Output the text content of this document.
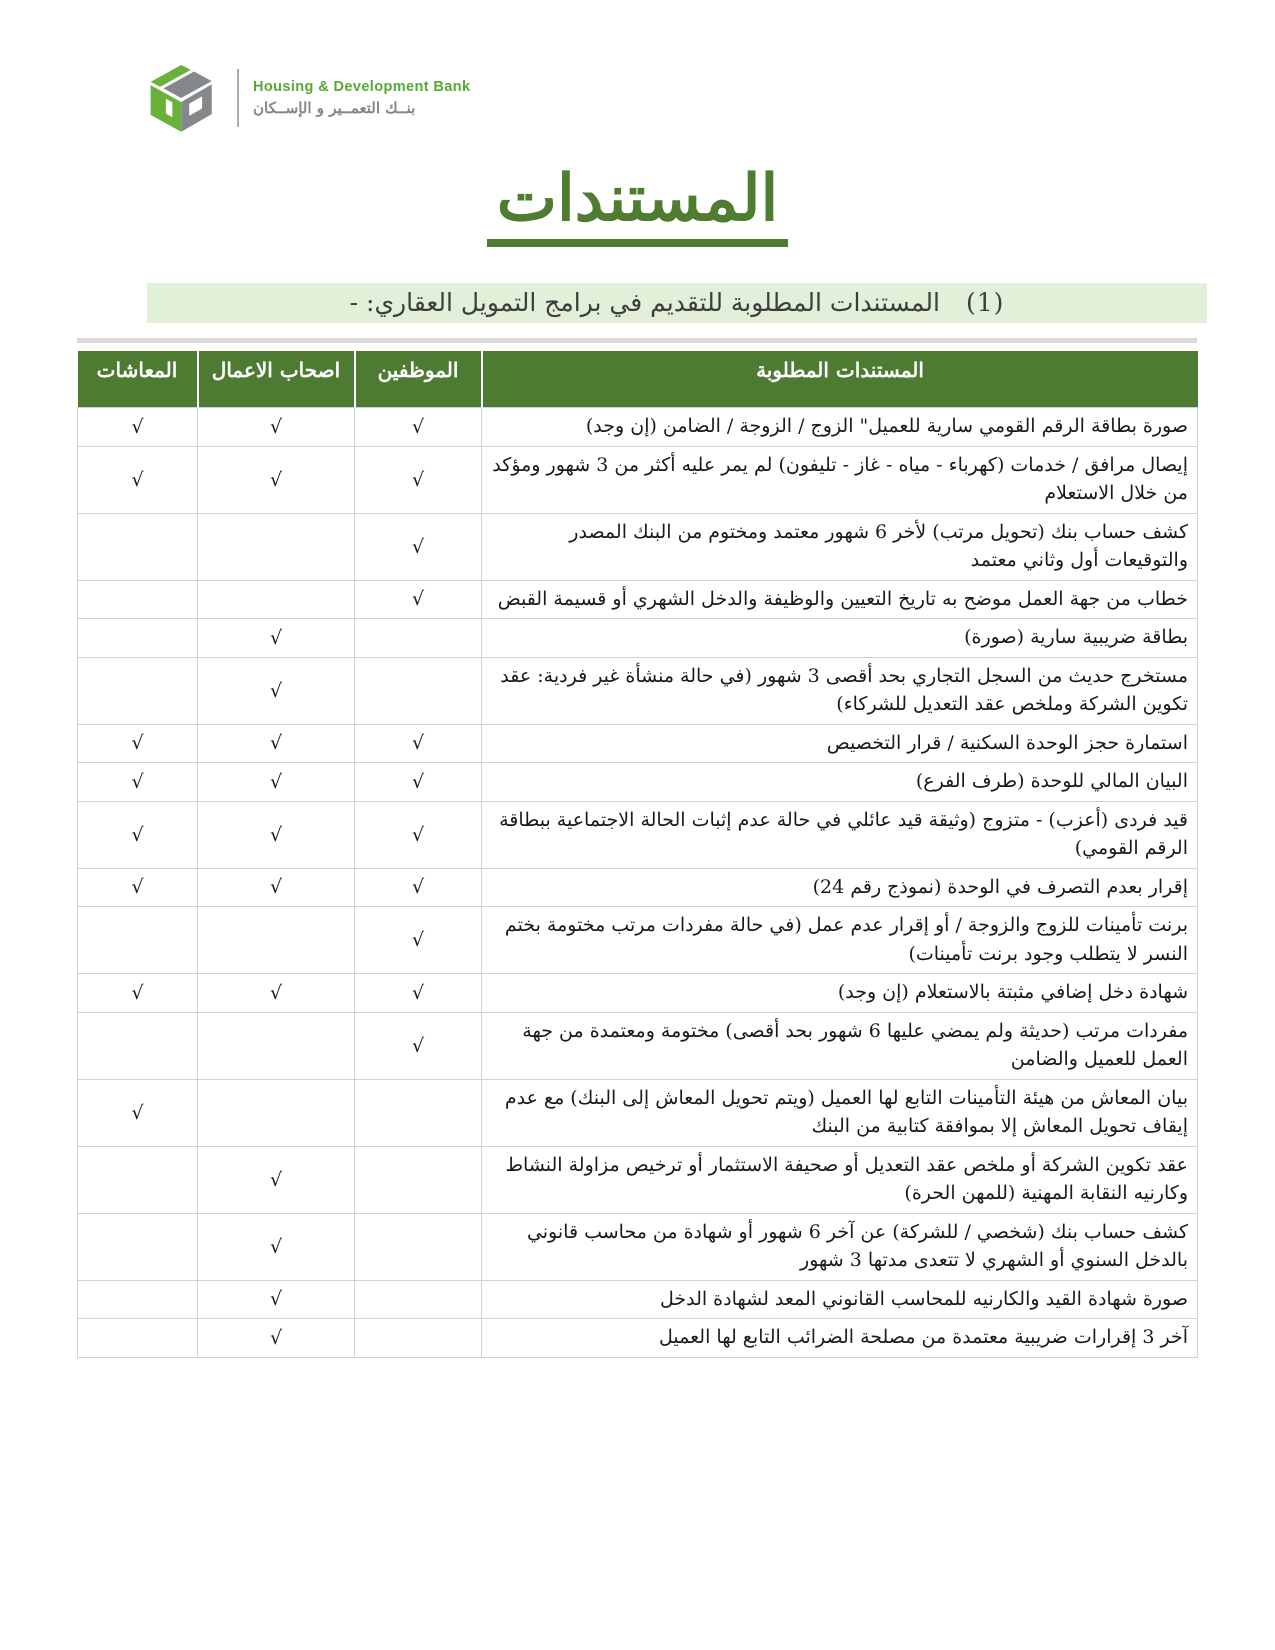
Housing & Development Bank
بنــك التعمــير و الإســكان
المستندات
(1)
المستندات المطلوبة للتقديم في برامج التمويل العقاري: -
المستندات المطلوبة	الموظفين	اصحاب الاعمال	المعاشات
صورة بطاقة الرقم القومي سارية للعميل" الزوج / الزوجة / الضامن (إن وجد)	√	√	√
إيصال مرافق / خدمات (كهرباء - مياه - غاز - تليفون) لم يمر عليه أكثر من 3 شهور ومؤكد من خلال الاستعلام	√	√	√
كشف حساب بنك (تحويل مرتب) لأخر 6 شهور معتمد ومختوم من البنك المصدر والتوقيعات أول وثاني معتمد	√		
خطاب من جهة العمل موضح به تاريخ التعيين والوظيفة والدخل الشهري أو قسيمة القبض	√		
بطاقة ضريبية سارية (صورة)		√	
مستخرج حديث من السجل التجاري بحد أقصى 3 شهور (في حالة منشأة غير فردية: عقد تكوين الشركة وملخص عقد التعديل للشركاء)		√	
استمارة حجز الوحدة السكنية / قرار التخصيص	√	√	√
البيان المالي للوحدة (طرف الفرع)	√	√	√
قيد فردى (أعزب) - متزوج (وثيقة قيد عائلي في حالة عدم إثبات الحالة الاجتماعية ببطاقة الرقم القومي)	√	√	√
إقرار بعدم التصرف في الوحدة (نموذج رقم 24)	√	√	√
برنت تأمينات للزوج والزوجة / أو إقرار عدم عمل (في حالة مفردات مرتب مختومة بختم النسر لا يتطلب وجود برنت تأمينات)	√		
شهادة دخل إضافي مثبتة بالاستعلام (إن وجد)	√	√	√
مفردات مرتب (حديثة ولم يمضي عليها 6 شهور بحد أقصى) مختومة ومعتمدة من جهة العمل للعميل والضامن	√		
بيان المعاش من هيئة التأمينات التابع لها العميل (ويتم تحويل المعاش إلى البنك) مع عدم إيقاف تحويل المعاش إلا بموافقة كتابية من البنك			√
عقد تكوين الشركة أو ملخص عقد التعديل أو صحيفة الاستثمار أو ترخيص مزاولة النشاط وكارنيه النقابة المهنية (للمهن الحرة)		√	
كشف حساب بنك (شخصي / للشركة) عن آخر 6 شهور أو شهادة من محاسب قانوني بالدخل السنوي أو الشهري لا تتعدى مدتها 3 شهور		√	
صورة شهادة القيد والكارنيه للمحاسب القانوني المعد لشهادة الدخل		√	
آخر 3 إقرارات ضريبية معتمدة من مصلحة الضرائب التابع لها العميل		√	
